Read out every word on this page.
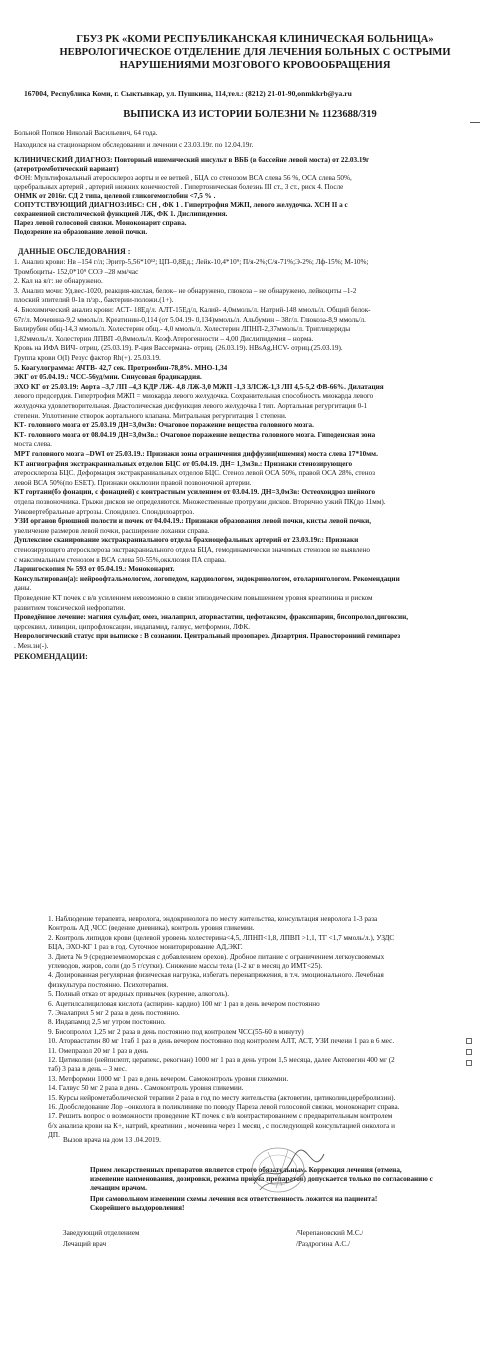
ГБУЗ РК «КОМИ РЕСПУБЛИКАНСКАЯ КЛИНИЧЕСКАЯ БОЛЬНИЦА»
НЕВРОЛОГИЧЕСКОЕ ОТДЕЛЕНИЕ ДЛЯ ЛЕЧЕНИЯ БОЛЬНЫХ С ОСТРЫМИ
НАРУШЕНИЯМИ МОЗГОВОГО КРОВООБРАЩЕНИЯ
167004, Республика Коми, г. Сыктывкар, ул. Пушкина, 114,тел.: (8212) 21-01-90,onmkkrb@ya.ru
ВЫПИСКА ИЗ ИСТОРИИ БОЛЕЗНИ № 1123688/319
Больной Попков Николай Васильевич, 64 года.
Находился на стационарном обследовании и лечении с 23.03.19г. по 12.04.19г.
КЛИНИЧЕСКИЙ ДИАГНОЗ: Повторный ишемический инсульт в ВББ (в бассейне левой моста) от 22.03.19г
(атеротромботический вариант)
ФОН: Мультифокальный атеросклероз аорты и ее ветвей , БЦА со стенозом ВСА слева 56 %, ОСА слева 50%,
церебральных артерий , артерий нижних конечностей . Гипертоническая болезнь III ст., 3 ст., риск 4. После
ОНМК от 2016г. СД 2 типа, целевой гликогемоглобин <7,5 % .
СОПУТСТВУЮЩИЙ ДИАГНОЗ:ИБС: СН , ФК 1 . Гипертрофия МЖП, левого желудочка. ХСН II а с
сохраненной систолической функцией ЛЖ, ФК 1. Дислипидемия.
Парез левой голосовой связки. Моноконарит справа.
Подозрение на образование левой почки.
ДАННЫЕ ОБСЛЕДОВАНИЯ :
1. Анализ крови: Нв –154 г/л; Эритр-5,56*10¹²; ЦП–0,8Ед.; Лейк-10,4*10⁹; П/я-2%;С/я-71%;Э-2%; Лф-15%; М-10%;
Тромбоциты- 152,0*10⁹ СОЭ –28 мм/час
2. Кал на я/г: не обнаружено.
3. Анализ мочи: Уд.вес-1020, реакция-кислая, белок– не обнаружено, глюкоза – не обнаружено, лейкоциты –1-2
плоский эпителий 0-1в п/зр., бактерии-положи.(1+).
4. Биохимический анализ крови: АСТ- 18Ед/л. АЛТ-15Ед/л, Калий- 4,0ммоль/л. Натрий-148 ммоль/л. Общий белок-
67г/л. Мочевина-9,2 ммоль/л. Креатинин-0,114 (от 5.04.19- 0,134)ммоль/л. Альбумин – 38г/л. Глюкоза-8,9 ммоль/л.
Билирубин общ-14,3 ммоль/л. Холестерин общ.- 4,0 ммоль/л. Холестерин ЛПНП-2,37ммоль/л. Триглицериды
1,82ммоль/л. Холестерин ЛПВП -0,8ммоль/л. Коэф.Атерогенности – 4,00 Дислипидемия – норма.
Кровь на ИФА ВИЧ- отриц. (25.03.19). Р-ция Вассермана- отриц. (26.03.19). HBsAg,HCV- отриц.(25.03.19).
Группа крови О(I) Резус фактор Rh(+). 25.03.19.
5. Коагулограмма: АЧТВ- 42,7 сек. Протромбин-78,8%. МНО-1,34
ЭКГ от 05.04.19.: ЧСС-56уд/мин. Синусовая брадикардия.
ЭХО КГ от 25.03.19: Аорта –3,7 ЛП –4,3 КДР ЛЖ- 4,8 ЛЖ-3,0 МЖП -1,3 ЗЛСЖ-1,3 ЛП 4,5-5,2 ФВ-66%. Дилатация
левого предсердия. Гипертрофия МЖП = миокарда левого желудочка. Сохранительная способность миокарда левого
желудочка удовлетворительная. Диастолическая дисфункция левого желудочка I тип. Аортальная регургитация 0-1
степени. Уплотнение створок аортального клапана. Митральная регургитация 1 степени.
КТ- головного мозга от 25.03.19 ДН=3,0мЗв: Очаговое поражение вещества головного мозга.
КТ- головного мозга от 08.04.19 ДН=3,0мЗв.: Очаговое поражение вещества головного мозга. Гиподенсная зона
моста слева.
МРТ головного мозга –DWI от 25.03.19.: Признаки зоны ограничения диффузии(ишемия) моста слева 17*10мм.
КТ ангиография экстракраниальных отделов БЦС от 05.04.19. ДН= 1,3мЗв.: Признаки стенозирующего
атеросклероза БЦС. Деформация экстракраниальных отделов БЦС. Стеноз левой ОСА 50%, правой ОСА 28%, стеноз
левой ВСА 50%(по ESET). Признаки окклюзии правой позвоночной артерии.
КТ гортани(бэ фонации, с фонацией) с контрастным усилением от 03.04.19. ДН=3,0мЗв: Остеохондроз шейного
отдела позвоночника. Грыжи дисков не определяются. Множественные протрузии дисков. Вторично узкий ПК(до 11мм).
Унковертебральные артрозы. Спондилез. Спондилоартроз.
УЗИ органов брюшной полости и почек от 04.04.19.: Признаки образования левой почки, кисты левой почки,
увеличение размеров левой почки, расширение лоханки справа.
Дуплексное сканирование экстракраниального отдела брахиоцефальных артерий от 23.03.19г.: Признаки
стенозирующего атеросклероза экстракраниального отдела БЦА, гемодинамически значимых стенозов не выявлено
с максимальным стенозом в ВСА слева 50-55%,окклюзия ПА справа.
Ларингоскопия № 593 от 05.04.19.: Моноконарит.
Консультирован(а): нейроофтальмологом, логопедом, кардиологом, эндокринологом, отоларингологом. Рекомендации
даны.
Проведение КТ почек с в/в усилением невозможно в связи эпизодическим повышением уровня креатинина и риском
развитием токсической нефропатии.
Проведённое лечение: магния сульфат, омез, эналаприл, аторвастатин, цефотаксим, фраксипарин, бисопролол,дигоксин,
церсеквил, ливицин, ципрофлоксацин, индапамид, галвус, метформин, ЛФК.
Неврологический статус при выписке : В сознании. Центральный прозопарез. Дизартрия. Правосторонний гемипарез
. Мен.зн(-).
РЕКОМЕНДАЦИИ:
1. Наблюдение терапевта, невролога, эндокринолога по месту жительства, консультация невролога 1-3 раза
Контроль АД ,ЧСС (ведение дневника), контроль уровня гликемии.
2. Контроль липидов крови (целевой уровень холестерина<4,5, ЛПНП<1,8, ЛПВП >1,1, ТГ <1,7 ммоль/л.), УЗДС
БЦА, ЭХО-КГ 1 раз в год. Суточное мониторирование АД,ЭКГ.
3. Диета № 9 (среднеземноморская с добавлением орехов). Дробное питание с ограничением легкоусвояемых
углеводов, жиров, соли (до 5 г/сутки). Снижение массы тела (1-2 кг в месяц до ИМТ<25).
4. Дозированная регулярная физическая нагрузка, избегать перенапряжения, в т.ч. эмоционального. Лечебная
физкультура постоянно. Психотерапия.
5. Полный отказ от вредных привычек (курение, алкоголь).
6. Ацетилсалициловая кислота (аспирин- кардио) 100 мг 1 раз в день вечером постоянно
7. Эналаприл 5 мг 2 раза в день постоянно.
8. Индапамид 2,5 мг утром постоянно.
9. Бисопролол 1,25 мг 2 раза в день постоянно под контролем ЧСС(55-60 в минуту)
10. Аторвастатин 80 мг 1таб 1 раз в день вечером постоянно под контролем АЛТ, АСТ, УЗИ печени 1 раз в 6 мес.
11. Омепразол 20 мг 1 раз в день
12. Цитиколин (нейпилепт, церапекс, рекогнан) 1000 мг 1 раз в день утром 1,5 месяца, далее Актовегин 400 мг (2
таб) 3 раза в день – 3 мес.
13. Метформин 1000 мг 1 раз в день вечером. Самоконтроль уровня гликемии.
14. Галвус 50 мг 2 раза в день . Самоконтроль уровня гликемии.
15. Курсы нейрометаболической терапии 2 раза в год по месту жительства (актовегин, цитиколин,церебролизин).
16. Дообследование Лор –онколога в поликлинике по поводу Пареза левой голосовой связки, моноконарит справа.
17. Решить вопрос о возможности проведение КТ почек с в/в контрастированием с предварительным контролем
б/х анализа крови на К+, натрий, креатинин , мочевина через 1 месяц , с последующей консультацией онколога и
ДП.
Вызов врача на дом 13 .04.2019.
Прием лекарственных препаратов является строго обязательным. Коррекция лечения (отмена,
изменение наименования, дозировки, режима приема препаратов) допускается только по согласованию с
лечащим врачом.
При самовольном изменении схемы лечения вся ответственность ложится на пациента!
Скорейшего выздоровления!
Заведующий отделением
Лечащий врач
/Черепановский М.С./
/Раздрогина А.С./
